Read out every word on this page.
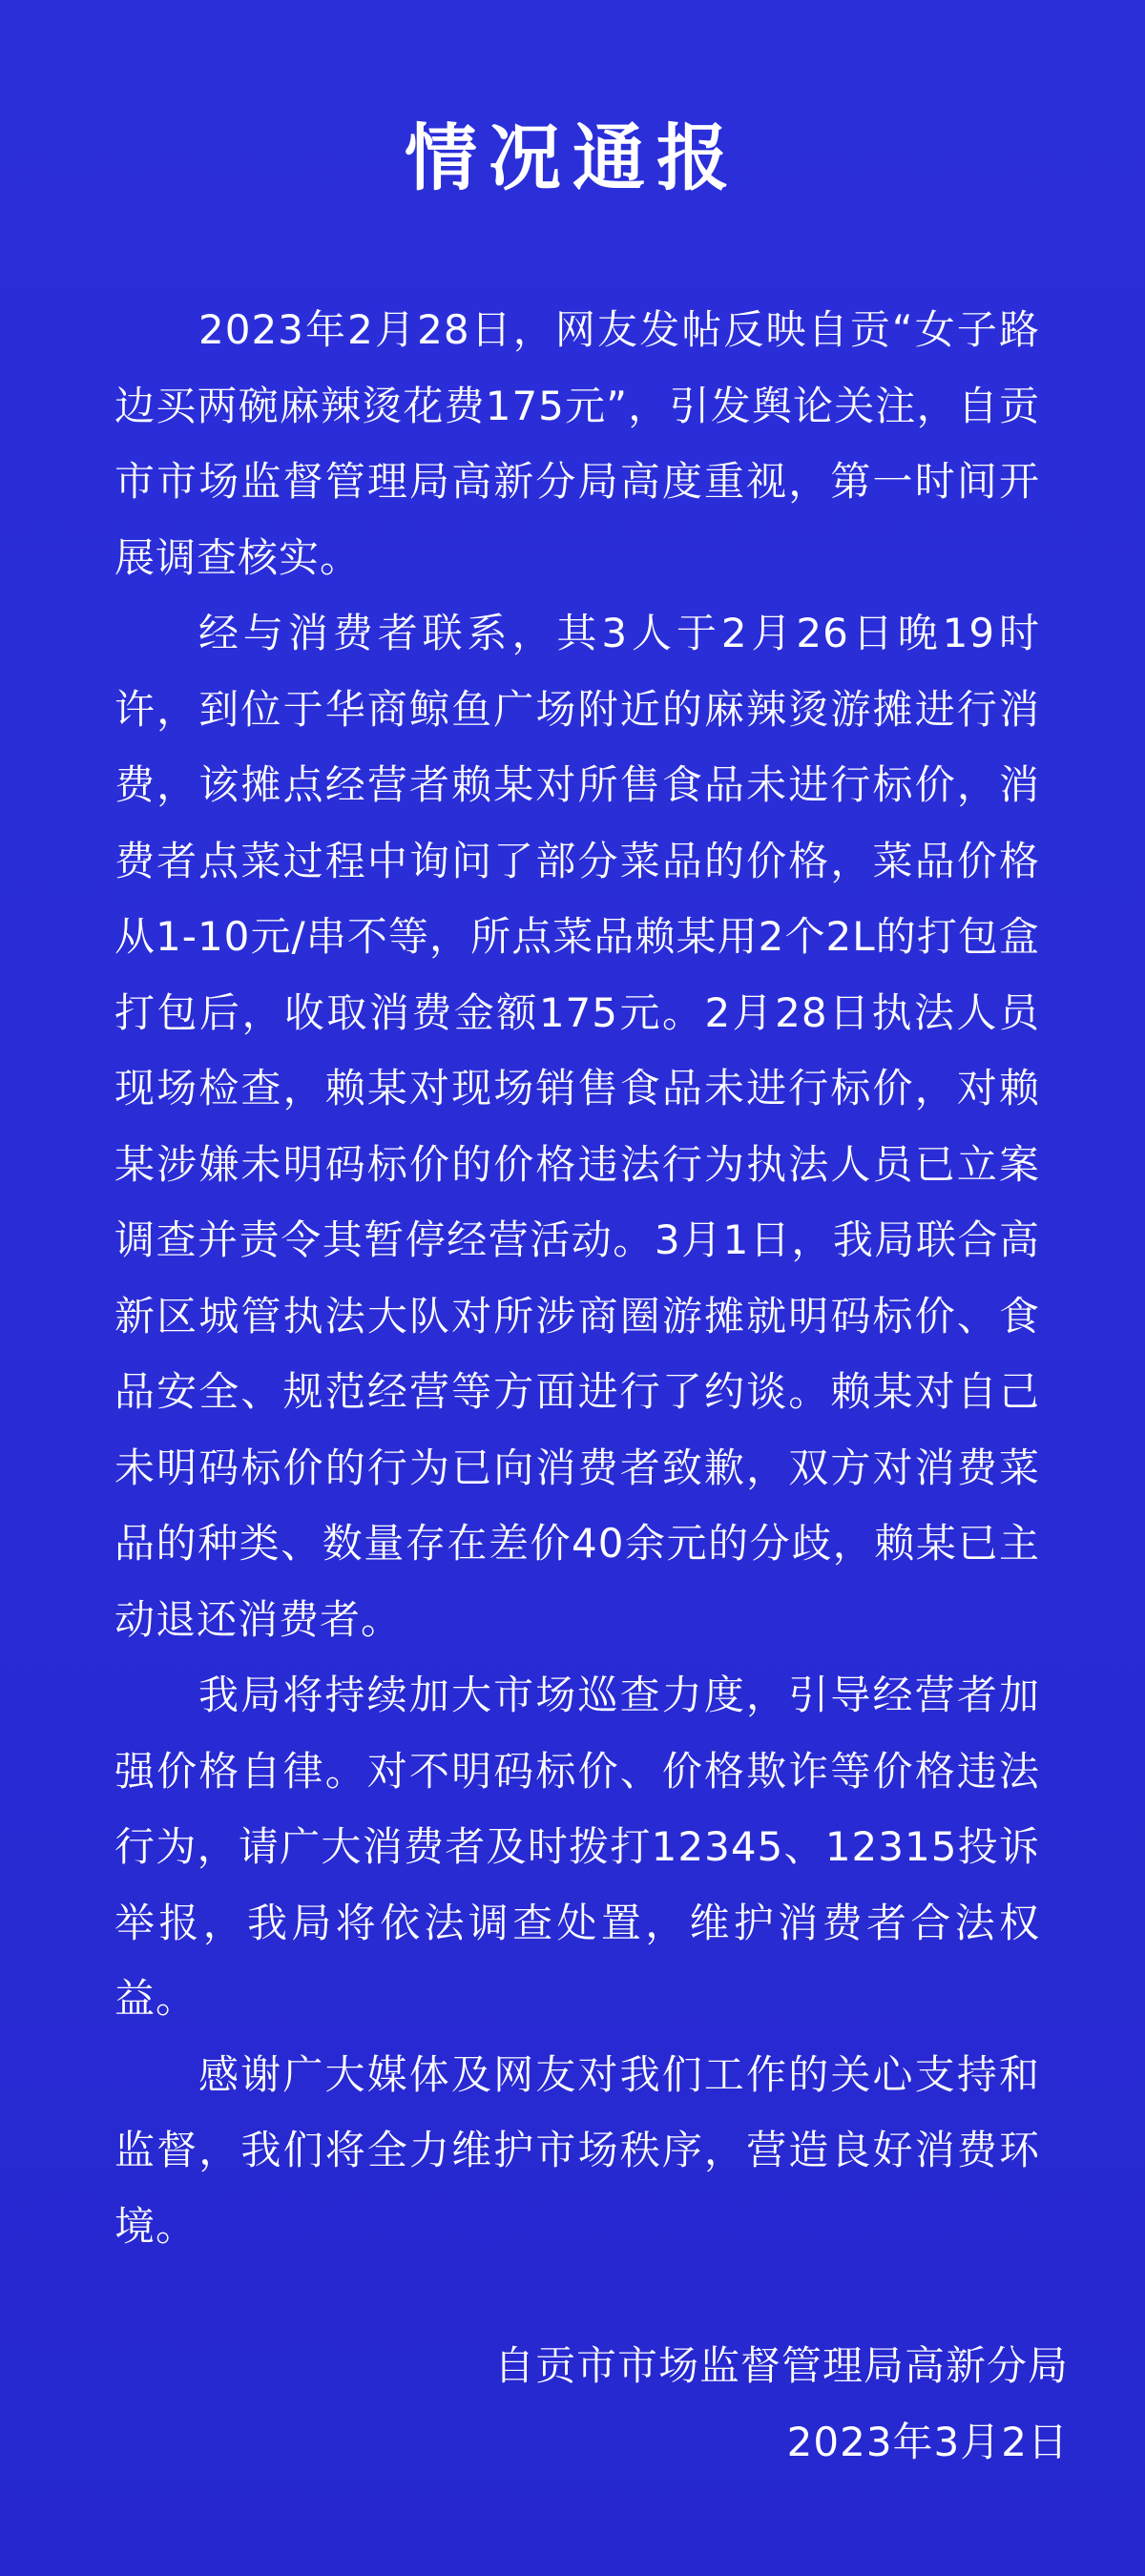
情况通报

2023年2月28日，网友发帖反映自贡“女子路边买两碗麻辣烫花费175元”，引发舆论关注，自贡市市场监督管理局高新分局高度重视，第一时间开展调查核实。

经与消费者联系，其3人于2月26日晚19时许，到位于华商鲸鱼广场附近的麻辣烫游摊进行消费，该摊点经营者赖某对所售食品未进行标价，消费者点菜过程中询问了部分菜品的价格，菜品价格从1-10元/串不等，所点菜品赖某用2个2L的打包盒打包后，收取消费金额175元。2月28日执法人员现场检查，赖某对现场销售食品未进行标价，对赖某涉嫌未明码标价的价格违法行为执法人员已立案调查并责令其暂停经营活动。3月1日，我局联合高新区城管执法大队对所涉商圈游摊就明码标价、食品安全、规范经营等方面进行了约谈。赖某对自己未明码标价的行为已向消费者致歉，双方对消费菜品的种类、数量存在差价40余元的分歧，赖某已主动退还消费者。

我局将持续加大市场巡查力度，引导经营者加强价格自律。对不明码标价、价格欺诈等价格违法行为，请广大消费者及时拨打12345、12315投诉举报，我局将依法调查处置，维护消费者合法权益。

感谢广大媒体及网友对我们工作的关心支持和监督，我们将全力维护市场秩序，营造良好消费环境。

自贡市市场监督管理局高新分局
2023年3月2日
